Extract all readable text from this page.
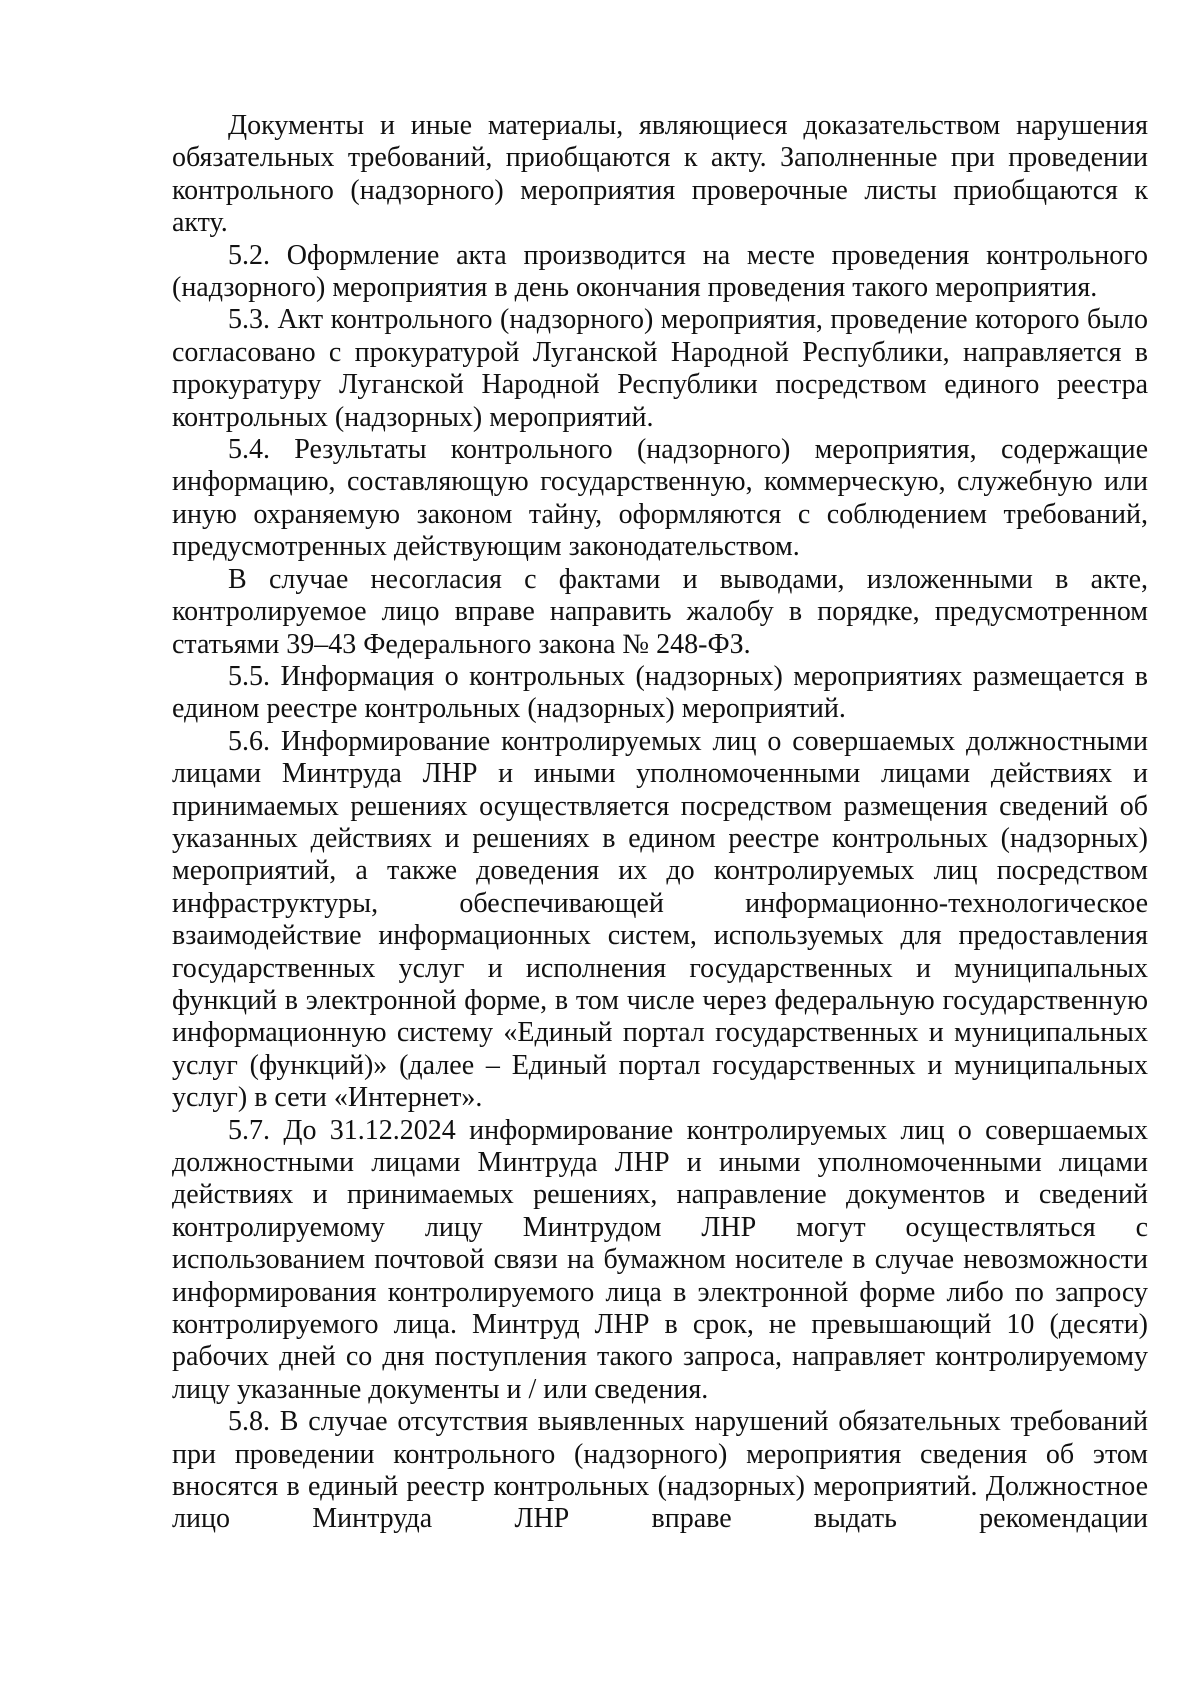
Документы и иные материалы, являющиеся доказательством нарушения обязательных требований, приобщаются к акту. Заполненные при проведении контрольного (надзорного) мероприятия проверочные листы приобщаются к акту.

5.2. Оформление акта производится на месте проведения контрольного (надзорного) мероприятия в день окончания проведения такого мероприятия.

5.3. Акт контрольного (надзорного) мероприятия, проведение которого было согласовано с прокуратурой Луганской Народной Республики, направляется в прокуратуру Луганской Народной Республики посредством единого реестра контрольных (надзорных) мероприятий.

5.4. Результаты контрольного (надзорного) мероприятия, содержащие информацию, составляющую государственную, коммерческую, служебную или иную охраняемую законом тайну, оформляются с соблюдением требований, предусмотренных действующим законодательством.

В случае несогласия с фактами и выводами, изложенными в акте, контролируемое лицо вправе направить жалобу в порядке, предусмотренном статьями 39–43 Федерального закона № 248-ФЗ.

5.5. Информация о контрольных (надзорных) мероприятиях размещается в едином реестре контрольных (надзорных) мероприятий.

5.6. Информирование контролируемых лиц о совершаемых должностными лицами Минтруда ЛНР и иными уполномоченными лицами действиях и принимаемых решениях осуществляется посредством размещения сведений об указанных действиях и решениях в едином реестре контрольных (надзорных) мероприятий, а также доведения их до контролируемых лиц посредством инфраструктуры, обеспечивающей информационно-технологическое взаимодействие информационных систем, используемых для предоставления государственных услуг и исполнения государственных и муниципальных функций в электронной форме, в том числе через федеральную государственную информационную систему «Единый портал государственных и муниципальных услуг (функций)» (далее – Единый портал государственных и муниципальных услуг) в сети «Интернет».

5.7. До 31.12.2024 информирование контролируемых лиц о совершаемых должностными лицами Минтруда ЛНР и иными уполномоченными лицами действиях и принимаемых решениях, направление документов и сведений контролируемому лицу Минтрудом ЛНР могут осуществляться с использованием почтовой связи на бумажном носителе в случае невозможности информирования контролируемого лица в электронной форме либо по запросу контролируемого лица. Минтруд ЛНР в срок, не превышающий 10 (десяти) рабочих дней со дня поступления такого запроса, направляет контролируемому лицу указанные документы и / или сведения.

5.8. В случае отсутствия выявленных нарушений обязательных требований при проведении контрольного (надзорного) мероприятия сведения об этом вносятся в единый реестр контрольных (надзорных) мероприятий. Должностное лицо Минтруда ЛНР вправе выдать рекомендации
